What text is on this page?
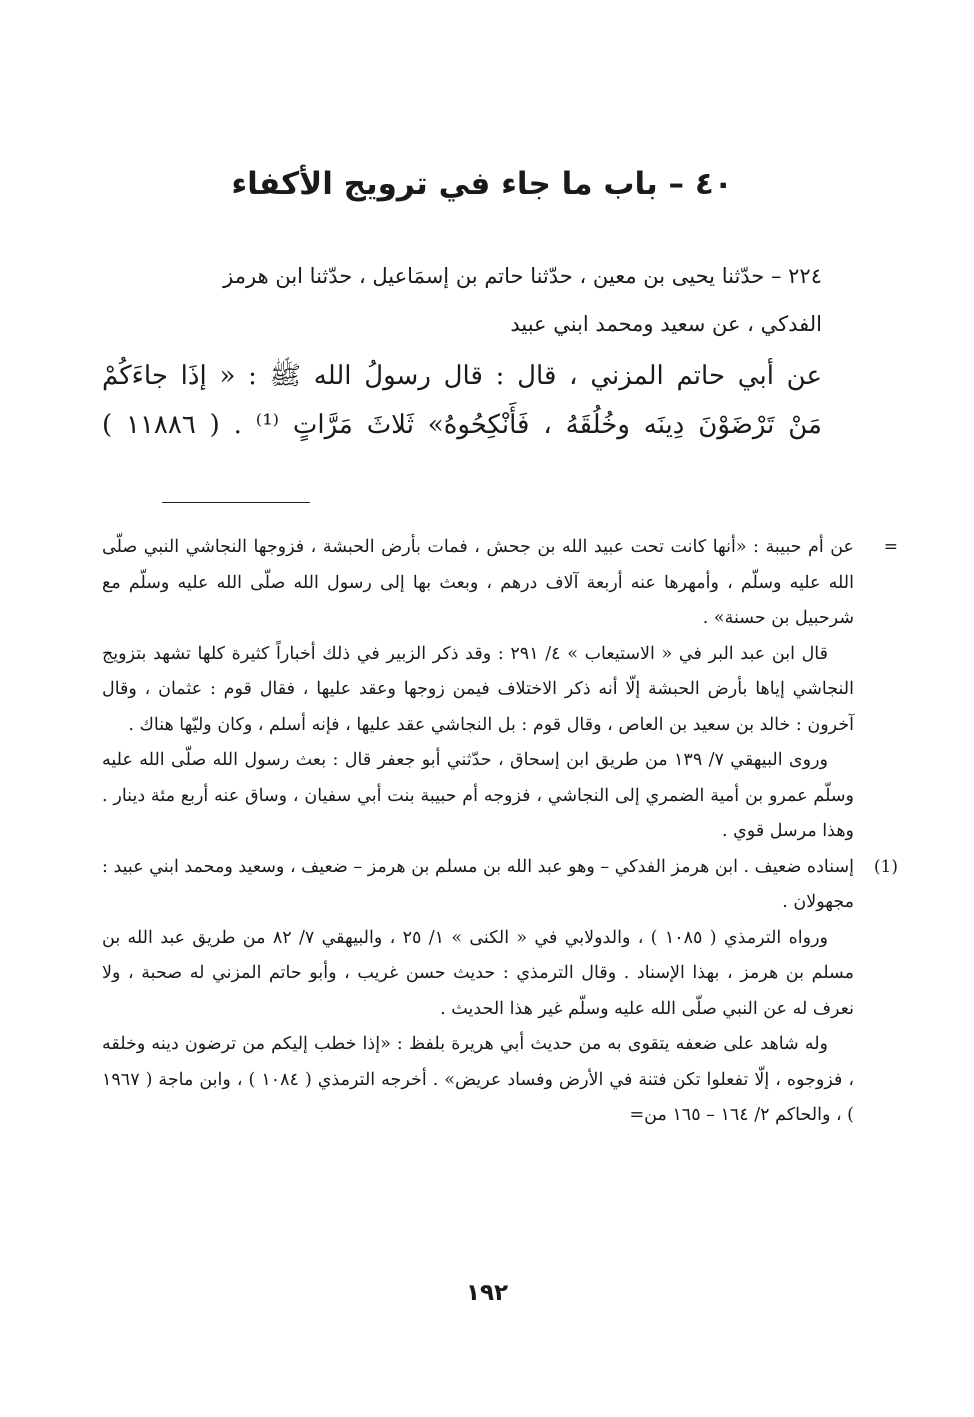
٤٠ – باب ما جاء في ترويج الأكفاء

٢٢٤ – حدّثنا يحيى بن معين ، حدّثنا حاتم بن إسمَاعيل ، حدّثنا ابن هرمز

الفدكي ، عن سعيد ومحمد ابني عبيد

عن أبي حاتم المزني ، قال : قال رسولُ الله ﷺ : « إذَا جاءَكُمْ

مَنْ تَرْضَوْنَ دِينَه وخُلُقَهُ ، فَأَنْكِحُوهُ» ثَلاثَ مَرَّاتٍ ⁽¹⁾ . ( ١١٨٨٦ )

=

عن أم حبيبة : «أنها كانت تحت عبيد الله بن جحش ، فمات بأرض الحبشة ، فزوجها النجاشي النبي صلّى الله عليه وسلّم ، وأمهرها عنه أربعة آلاف درهم ، وبعث بها إلى رسول الله صلّى الله عليه وسلّم مع شرحبيل بن حسنة» .

قال ابن عبد البر في « الاستيعاب » ٤/ ٢٩١ : وقد ذكر الزبير في ذلك أخباراً كثيرة كلها تشهد بتزويج النجاشي إياها بأرض الحبشة إلّا أنه ذكر الاختلاف فيمن زوجها وعقد عليها ، فقال قوم : عثمان ، وقال آخرون : خالد بن سعيد بن العاص ، وقال قوم : بل النجاشي عقد عليها ، فإنه أسلم ، وكان وليّها هناك .

وروى البيهقي ٧/ ١٣٩ من طريق ابن إسحاق ، حدّثني أبو جعفر قال : بعث رسول الله صلّى الله عليه وسلّم عمرو بن أمية الضمري إلى النجاشي ، فزوجه أم حبيبة بنت أبي سفيان ، وساق عنه أربع مئة دينار . وهذا مرسل قوي .

(1)

إسناده ضعيف . ابن هرمز الفدكي – وهو عبد الله بن مسلم بن هرمز – ضعيف ، وسعيد ومحمد ابني عبيد : مجهولان .

ورواه الترمذي ( ١٠٨٥ ) ، والدولابي في « الكنى » ١/ ٢٥ ، والبيهقي ٧/ ٨٢ من طريق عبد الله بن مسلم بن هرمز ، بهذا الإسناد . وقال الترمذي : حديث حسن غريب ، وأبو حاتم المزني له صحبة ، ولا نعرف له عن النبي صلّى الله عليه وسلّم غير هذا الحديث .

وله شاهد على ضعفه يتقوى به من حديث أبي هريرة بلفظ : «إذا خطب إليكم من ترضون دينه وخلقه ، فزوجوه ، إلّا تفعلوا تكن فتنة في الأرض وفساد عريض» . أخرجه الترمذي ( ١٠٨٤ ) ، وابن ماجة ( ١٩٦٧ ) ، والحاكم ٢/ ١٦٤ – ١٦٥ من=

١٩٢
